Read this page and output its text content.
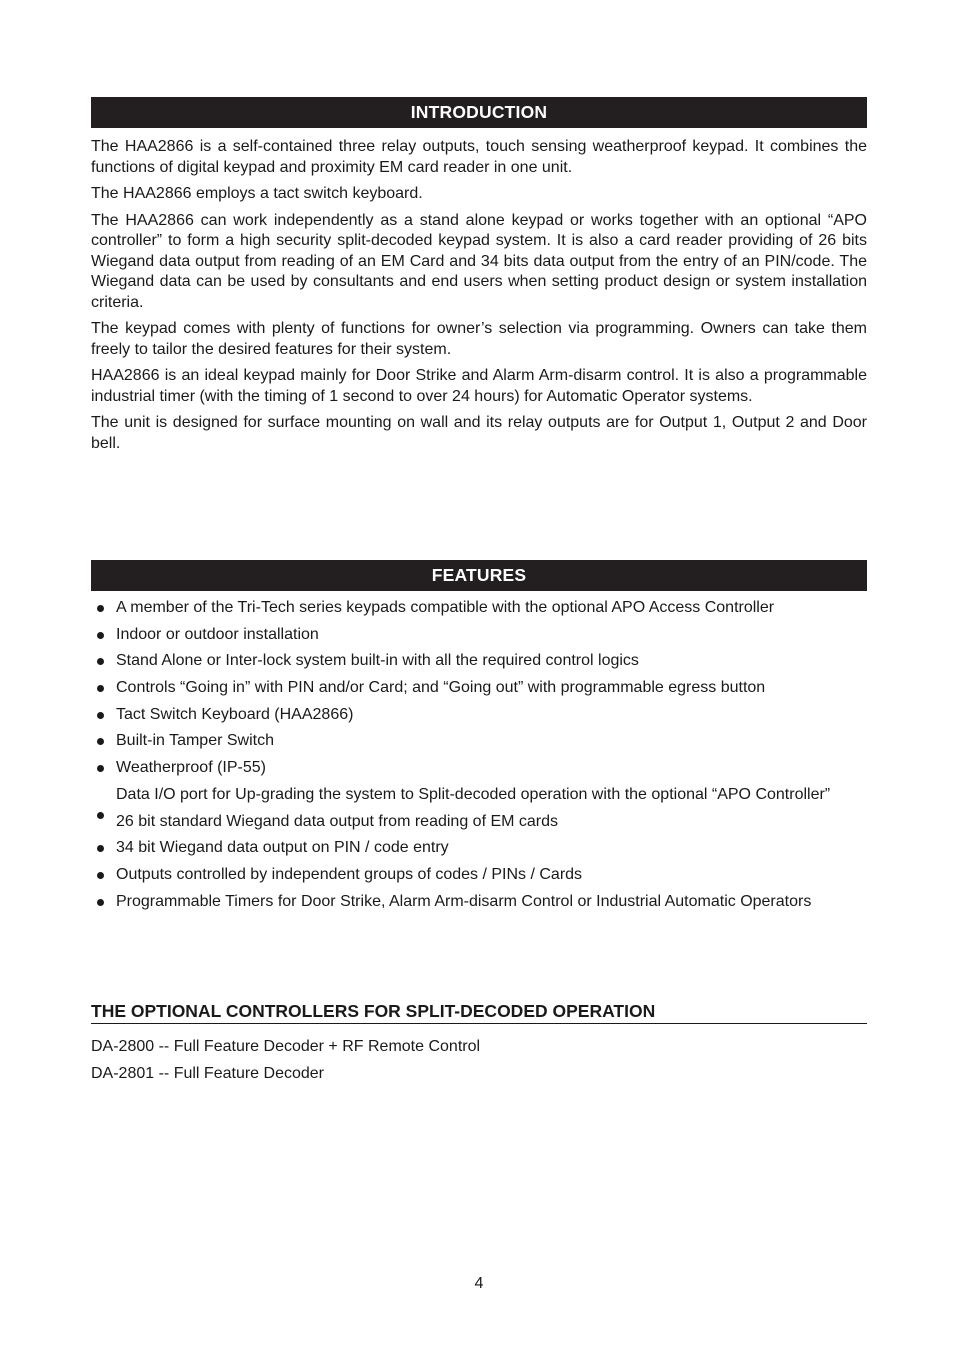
INTRODUCTION

The HAA2866 is a self-contained three relay outputs, touch sensing weatherproof keypad. It combines the functions of digital keypad and proximity EM card reader in one unit.

The HAA2866 employs a tact switch keyboard.

The HAA2866 can work independently as a stand alone keypad or works together with an optional “APO controller” to form a high security split-decoded keypad system. It is also a card reader providing of 26 bits Wiegand data output from reading of an EM Card and 34 bits data output from the entry of an PIN/code. The Wiegand data can be used by consultants and end users when setting product design or system installation criteria.

The keypad comes with plenty of functions for owner’s selection via programming. Owners can take them freely to tailor the desired features for their system.

HAA2866 is an ideal keypad mainly for Door Strike and Alarm Arm-disarm control. It is also a programmable industrial timer (with the timing of 1 second to over 24 hours) for Automatic Operator systems.

The unit is designed for surface mounting on wall and its relay outputs are for Output 1, Output 2 and Door bell.

FEATURES
A member of the Tri-Tech series keypads compatible with the optional APO Access Controller
Indoor or outdoor installation
Stand Alone or Inter-lock system built-in with all the required control logics
Controls “Going in” with PIN and/or Card; and “Going out” with programmable egress button
Tact Switch Keyboard (HAA2866)
Built-in Tamper Switch
Weatherproof (IP-55)
Data I/O port for Up-grading the system to Split-decoded operation with the optional “APO Controller”
26 bit standard Wiegand data output from reading of EM cards
34 bit Wiegand data output on PIN / code entry
Outputs controlled by independent groups of codes / PINs / Cards
Programmable Timers for Door Strike, Alarm Arm-disarm Control or Industrial Automatic Operators
THE OPTIONAL CONTROLLERS FOR SPLIT-DECODED OPERATION
DA-2800 -- Full Feature Decoder + RF Remote Control
DA-2801 -- Full Feature Decoder
4
